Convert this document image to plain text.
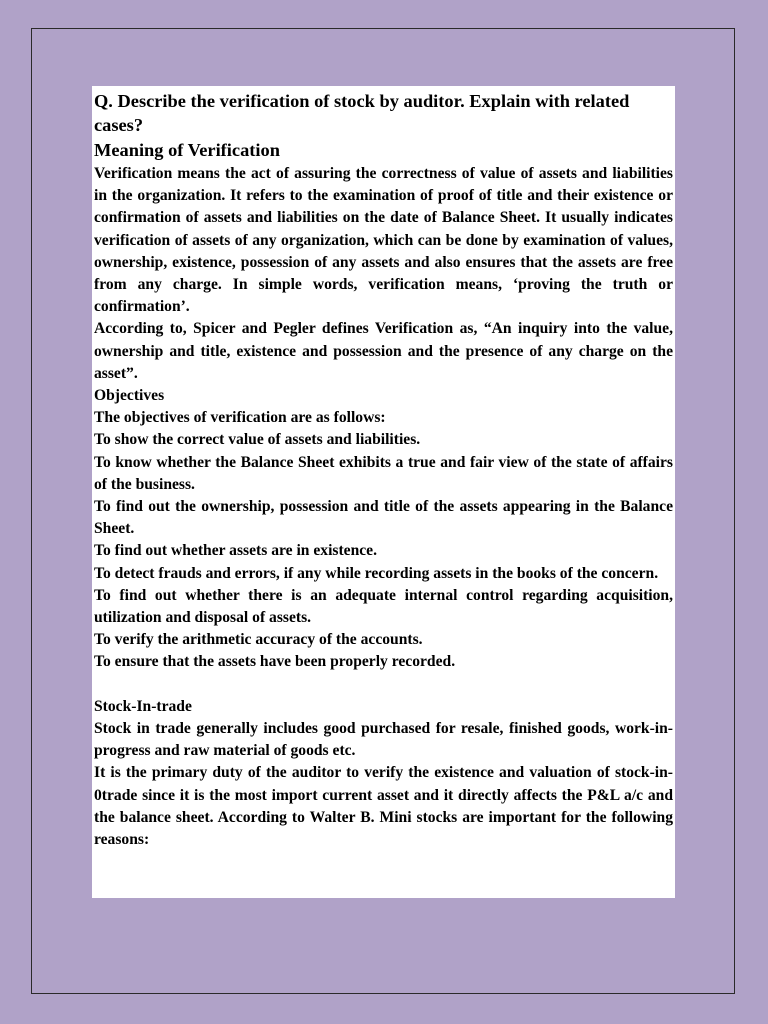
Q. Describe the verification of stock by auditor. Explain with related cases?

Meaning of Verification

Verification means the act of assuring the correctness of value of assets and liabilities in the organization. It refers to the examination of proof of title and their existence or confirmation of assets and liabilities on the date of Balance Sheet. It usually indicates verification of assets of any organization, which can be done by examination of values, ownership, existence, possession of any assets and also ensures that the assets are free from any charge. In simple words, verification means, ‘proving the truth or confirmation’.

According to, Spicer and Pegler defines Verification as, “An inquiry into the value, ownership and title, existence and possession and the presence of any charge on the asset”.

Objectives

The objectives of verification are as follows:

To show the correct value of assets and liabilities.

To know whether the Balance Sheet exhibits a true and fair view of the state of affairs of the business.

To find out the ownership, possession and title of the assets appearing in the Balance Sheet.

To find out whether assets are in existence.

To detect frauds and errors, if any while recording assets in the books of the concern.

To find out whether there is an adequate internal control regarding acquisition, utilization and disposal of assets.

To verify the arithmetic accuracy of the accounts.

To ensure that the assets have been properly recorded.

Stock-In-trade

Stock in trade generally includes good purchased for resale, finished goods, work-in-progress and raw material of goods etc.

It is the primary duty of the auditor to verify the existence and valuation of stock-in-0trade since it is the most import current asset and it directly affects the P&L a/c and the balance sheet. According to Walter B. Mini stocks are important for the following reasons:
